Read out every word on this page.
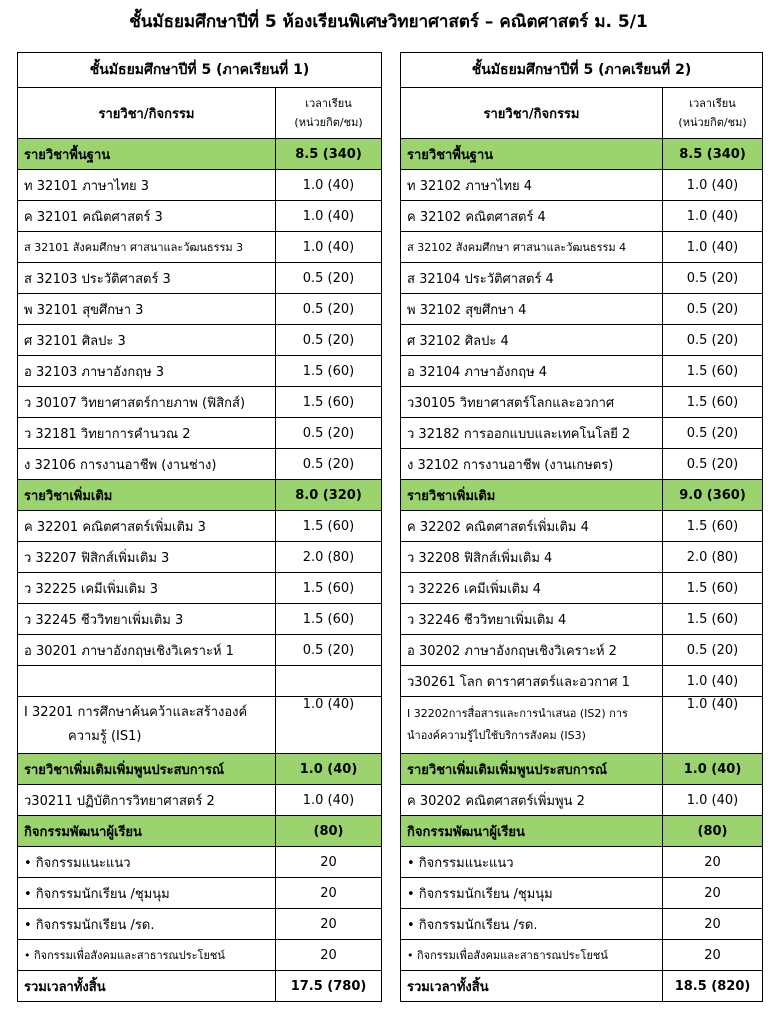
ชั้นมัธยมศึกษาปีที่ 5 ห้องเรียนพิเศษวิทยาศาสตร์ – คณิตศาสตร์ ม. 5/1
ชั้นมัธยมศึกษาปีที่ 5 (ภาคเรียนที่ 1)	
รายวิชา/กิจกรรม	เวลาเรียน
(หน่วยกิต/ชม)
รายวิชาพื้นฐาน	8.5 (340)
ท 32101 ภาษาไทย 3	1.0 (40)
ค 32101 คณิตศาสตร์ 3	1.0 (40)
ส 32101 สังคมศึกษา ศาสนาและวัฒนธรรม 3	1.0 (40)
ส 32103 ประวัติศาสตร์ 3	0.5 (20)
พ 32101 สุขศึกษา 3	0.5 (20)
ศ 32101 ศิลปะ 3	0.5 (20)
อ 32103 ภาษาอังกฤษ 3	1.5 (60)
ว 30107 วิทยาศาสตร์กายภาพ (ฟิสิกส์)	1.5 (60)
ว 32181 วิทยาการคำนวณ 2	0.5 (20)
ง 32106 การงานอาชีพ (งานช่าง)	0.5 (20)
รายวิชาเพิ่มเติม	8.0 (320)
ค 32201 คณิตศาสตร์เพิ่มเติม 3	1.5 (60)
ว 32207 ฟิสิกส์เพิ่มเติม 3	2.0 (80)
ว 32225 เคมีเพิ่มเติม 3	1.5 (60)
ว 32245 ชีววิทยาเพิ่มเติม 3	1.5 (60)
อ 30201 ภาษาอังกฤษเชิงวิเคราะห์ 1	0.5 (20)

I 32201 การศึกษาค้นคว้าและสร้างองค์
ความรู้ (IS1)	1.0 (40)
รายวิชาเพิ่มเติมเพิ่มพูนประสบการณ์	1.0 (40)
ว30211 ปฏิบัติการวิทยาศาสตร์ 2	1.0 (40)
กิจกรรมพัฒนาผู้เรียน	(80)
• กิจกรรมแนะแนว	20
• กิจกรรมนักเรียน /ชุมนุม	20
• กิจกรรมนักเรียน /รด.	20
• กิจกรรมเพื่อสังคมและสาธารณประโยชน์	20
รวมเวลาทั้งสิ้น	17.5 (780)
ชั้นมัธยมศึกษาปีที่ 5 (ภาคเรียนที่ 2)	
รายวิชา/กิจกรรม	เวลาเรียน
(หน่วยกิต/ชม)
รายวิชาพื้นฐาน	8.5 (340)
ท 32102 ภาษาไทย 4	1.0 (40)
ค 32102 คณิตศาสตร์ 4	1.0 (40)
ส 32102 สังคมศึกษา ศาสนาและวัฒนธรรม 4	1.0 (40)
ส 32104 ประวัติศาสตร์ 4	0.5 (20)
พ 32102 สุขศึกษา 4	0.5 (20)
ศ 32102 ศิลปะ 4	0.5 (20)
อ 32104 ภาษาอังกฤษ 4	1.5 (60)
ว30105 วิทยาศาสตร์โลกและอวกาศ	1.5 (60)
ว 32182 การออกแบบและเทคโนโลยี 2	0.5 (20)
ง 32102 การงานอาชีพ (งานเกษตร)	0.5 (20)
รายวิชาเพิ่มเติม	9.0 (360)
ค 32202 คณิตศาสตร์เพิ่มเติม 4	1.5 (60)
ว 32208 ฟิสิกส์เพิ่มเติม 4	2.0 (80)
ว 32226 เคมีเพิ่มเติม 4	1.5 (60)
ว 32246 ชีววิทยาเพิ่มเติม 4	1.5 (60)
อ 30202 ภาษาอังกฤษเชิงวิเคราะห์ 2	0.5 (20)
ว30261 โลก ดาราศาสตร์และอวกาศ 1	1.0 (40)
I 32202การสื่อสารและการนำเสนอ (IS2) การ
นำองค์ความรู้ไปใช้บริการสังคม (IS3)	1.0 (40)
รายวิชาเพิ่มเติมเพิ่มพูนประสบการณ์	1.0 (40)
ค 30202 คณิตศาสตร์เพิ่มพูน 2	1.0 (40)
กิจกรรมพัฒนาผู้เรียน	(80)
• กิจกรรมแนะแนว	20
• กิจกรรมนักเรียน /ชุมนุม	20
• กิจกรรมนักเรียน /รด.	20
• กิจกรรมเพื่อสังคมและสาธารณประโยชน์	20
รวมเวลาทั้งสิ้น	18.5 (820)
